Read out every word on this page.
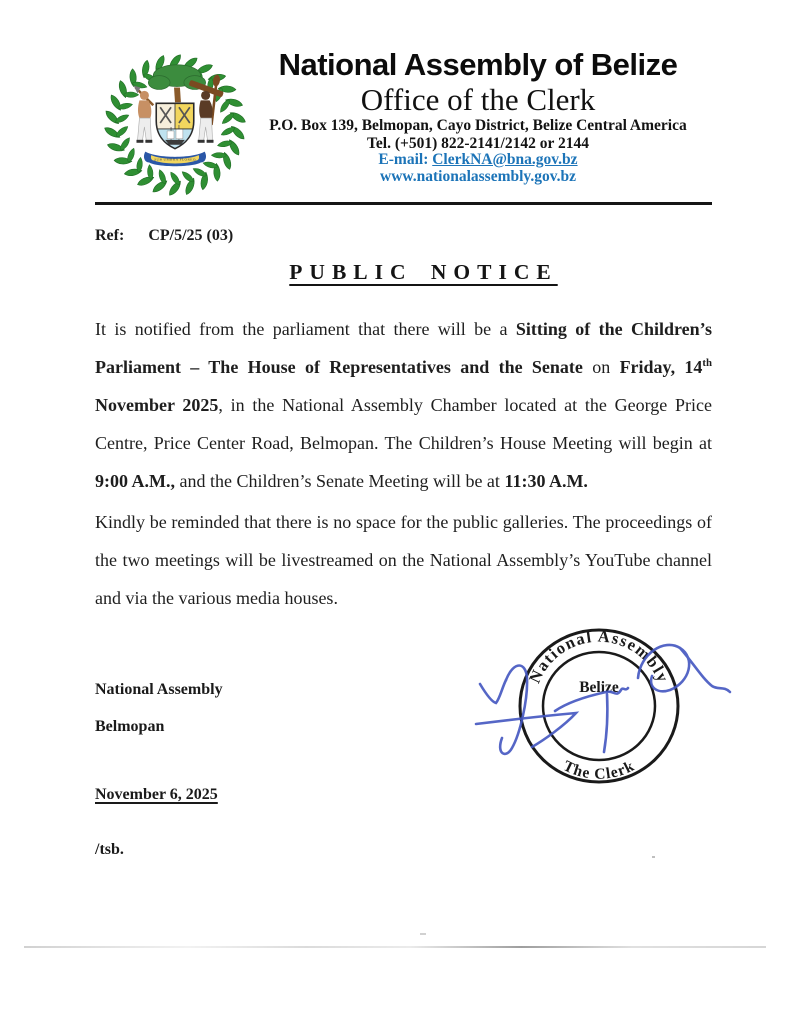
SUB UMBRA FLOREO
National Assembly of Belize
Office of the Clerk
P.O. Box 139, Belmopan, Cayo District, Belize Central America
Tel. (+501) 822-2141/2142 or 2144
E-mail: ClerkNA@bna.gov.bz
www.nationalassembly.gov.bz
Ref: CP/5/25 (03)
PUBLIC NOTICE
It is notified from the parliament that there will be a Sitting of the Children’s Parliament – The House of Representatives and the Senate on Friday, 14th November 2025, in the National Assembly Chamber located at the George Price Centre, Price Center Road, Belmopan. The Children’s House Meeting will begin at 9:00 A.M., and the Children’s Senate Meeting will be at 11:30 A.M.
Kindly be reminded that there is no space for the public galleries. The proceedings of the two meetings will be livestreamed on the National Assembly’s YouTube channel and via the various media houses.
National Assembly
Belmopan
November 6, 2025
/tsb.
National Assembly
Belize
The Clerk
